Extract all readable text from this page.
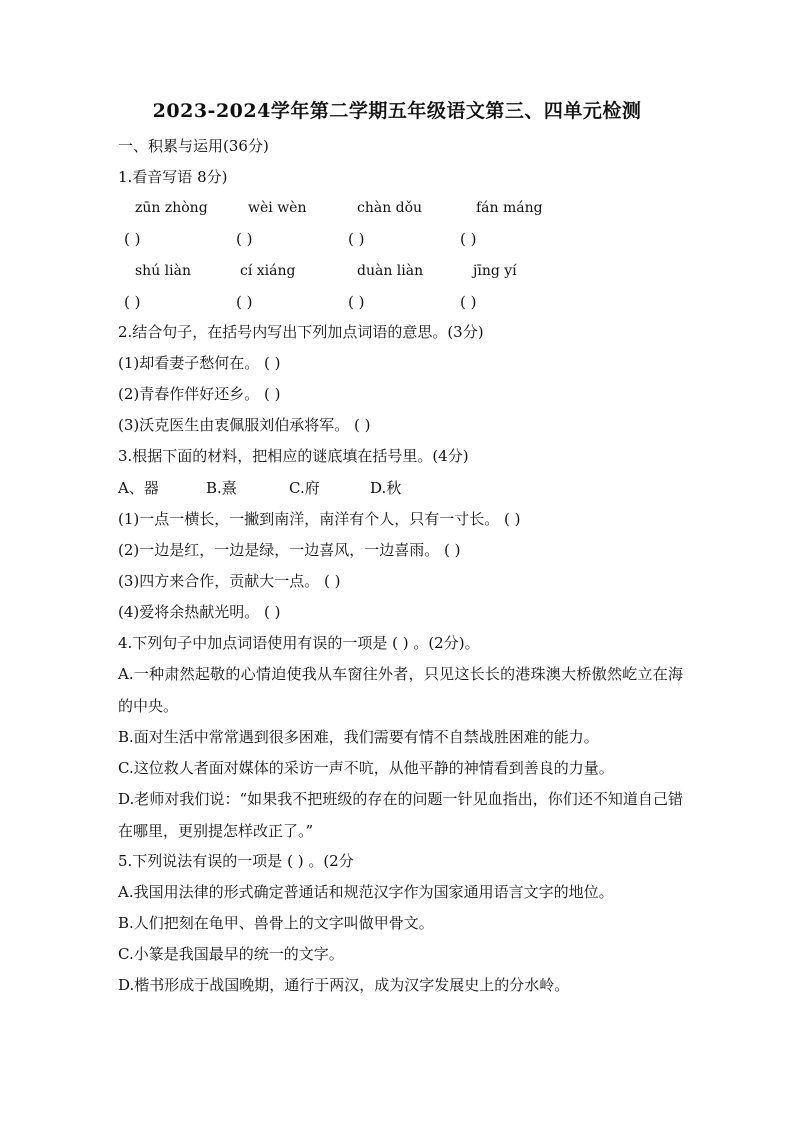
2023-2024学年第二学期五年级语文第三、四单元检测
一、积累与运用(36分)
1.看音写语 8分)
zūn zhòng	wèi wèn	chàn dǒu	fán máng
( )	( )	( )	( )
shú liàn	cí xiáng	duàn liàn	jīng yí
( )	( )	( )	( )
2.结合句子，在括号内写出下列加点词语的意思。(3分)
(1)却看妻子愁何在。 ( )
(2)青春作伴好还乡。 ( )
(3)沃克医生由衷佩服刘伯承将军。 ( )
3.根据下面的材料，把相应的谜底填在括号里。(4分)
A、器	B.熹	C.府	D.秋
(1)一点一横长，一撇到南洋，南洋有个人，只有一寸长。 ( )
(2)一边是红，一边是绿，一边喜风，一边喜雨。 ( )
(3)四方来合作，贡献大一点。 ( )
(4)爱将余热献光明。 ( )
4.下列句子中加点词语使用有误的一项是 ( ) 。(2分)。
A.一种肃然起敬的心情迫使我从车窗往外者，只见这长长的港珠澳大桥傲然屹立在海的中央。
B.面对生活中常常遇到很多困难，我们需要有情不自禁战胜困难的能力。
C.这位救人者面对媒体的采访一声不吭，从他平静的神情看到善良的力量。
D.老师对我们说：“如果我不把班级的存在的问题一针见血指出，你们还不知道自己错在哪里，更别提怎样改正了。”
5.下列说法有误的一项是 ( ) 。(2分
A.我国用法律的形式确定普通话和规范汉字作为国家通用语言文字的地位。
B.人们把刻在龟甲、兽骨上的文字叫做甲骨文。
C.小篆是我国最早的统一的文字。
D.楷书形成于战国晚期，通行于两汉，成为汉字发展史上的分水岭。
